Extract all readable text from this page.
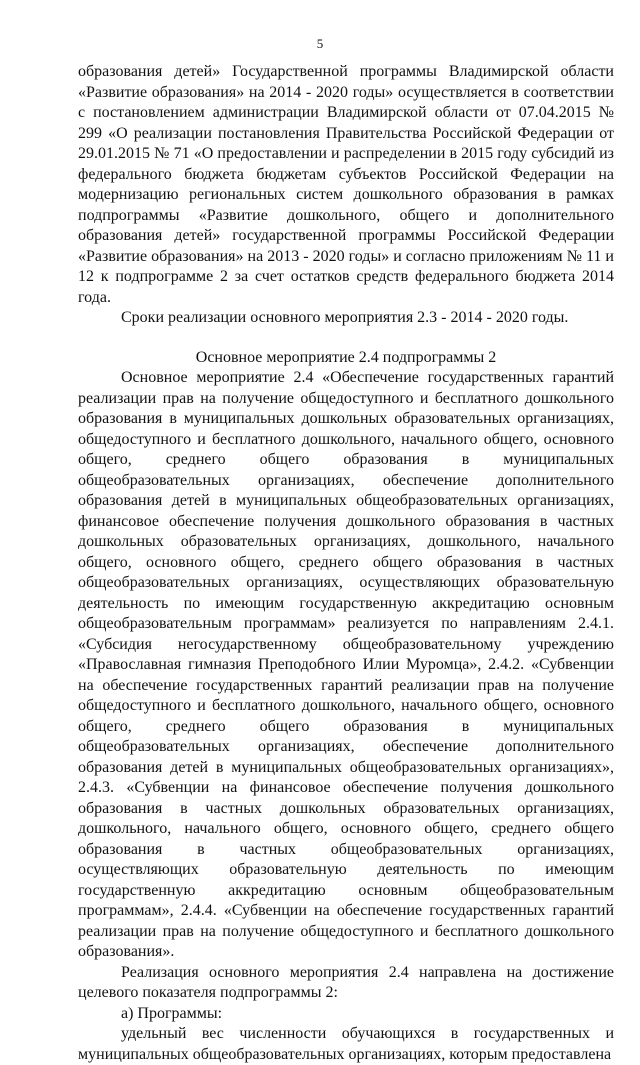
5

образования детей» Государственной программы Владимирской области «Развитие образования» на 2014 - 2020 годы» осуществляется в соответствии с постановлением администрации Владимирской области от 07.04.2015 № 299 «О реализации постановления Правительства Российской Федерации от 29.01.2015 № 71 «О предоставлении и распределении в 2015 году субсидий из федерального бюджета бюджетам субъектов Российской Федерации на модернизацию региональных систем дошкольного образования в рамках подпрограммы «Развитие дошкольного, общего и дополнительного образования детей» государственной программы Российской Федерации «Развитие образования» на 2013 - 2020 годы» и согласно приложениям № 11 и 12 к подпрограмме 2 за счет остатков средств федерального бюджета 2014 года.

Сроки реализации основного мероприятия 2.3 - 2014 - 2020 годы.

Основное мероприятие 2.4 подпрограммы 2

Основное мероприятие 2.4 «Обеспечение государственных гарантий реализации прав на получение общедоступного и бесплатного дошкольного образования в муниципальных дошкольных образовательных организациях, общедоступного и бесплатного дошкольного, начального общего, основного общего, среднего общего образования в муниципальных общеобразовательных организациях, обеспечение дополнительного образования детей в муниципальных общеобразовательных организациях, финансовое обеспечение получения дошкольного образования в частных дошкольных образовательных организациях, дошкольного, начального общего, основного общего, среднего общего образования в частных общеобразовательных организациях, осуществляющих образовательную деятельность по имеющим государственную аккредитацию основным общеобразовательным программам» реализуется по направлениям 2.4.1. «Субсидия негосударственному общеобразовательному учреждению «Православная гимназия Преподобного Илии Муромца», 2.4.2. «Субвенции на обеспечение государственных гарантий реализации прав на получение общедоступного и бесплатного дошкольного, начального общего, основного общего, среднего общего образования в муниципальных общеобразовательных организациях, обеспечение дополнительного образования детей в муниципальных общеобразовательных организациях», 2.4.3. «Субвенции на финансовое обеспечение получения дошкольного образования в частных дошкольных образовательных организациях, дошкольного, начального общего, основного общего, среднего общего образования в частных общеобразовательных организациях, осуществляющих образовательную деятельность по имеющим государственную аккредитацию основным общеобразовательным программам», 2.4.4. «Субвенции на обеспечение государственных гарантий реализации прав на получение общедоступного и бесплатного дошкольного образования».

Реализация основного мероприятия 2.4 направлена на достижение целевого показателя подпрограммы 2:

а) Программы:

удельный вес численности обучающихся в государственных и муниципальных общеобразовательных организациях, которым предоставлена
